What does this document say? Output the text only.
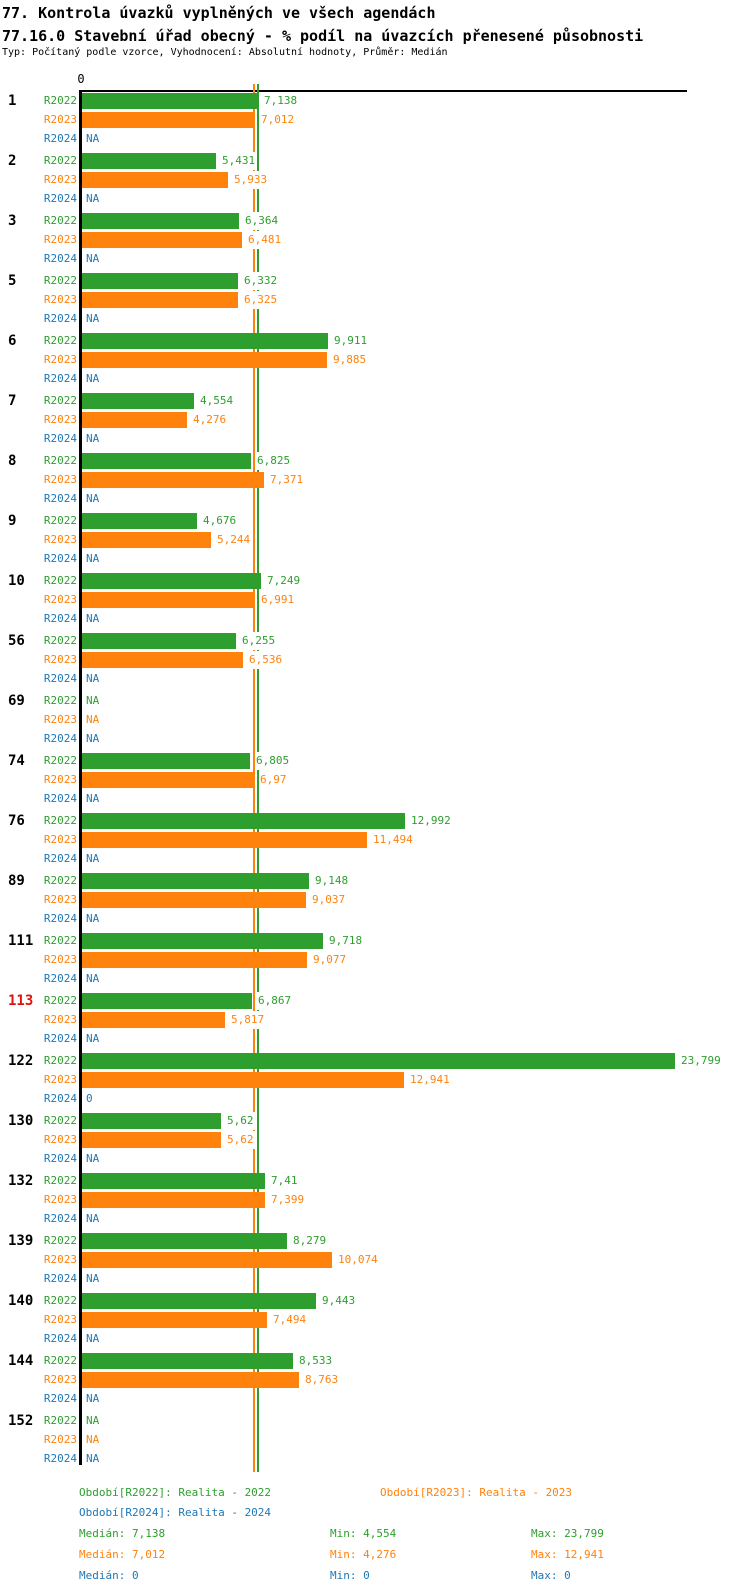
77. Kontrola úvazků vyplněných ve všech agendách
77.16.0 Stavební úřad obecný - % podíl na úvazcích přenesené působnosti
Typ: Počítaný podle vzorce, Vyhodnocení: Absolutní hodnoty, Průměr: Medián
0
1	R2022	7,138
R2023	7,012
R2024 NA
2	R2022	5,431
R2023	5,933
R2024 NA
3	R2022	6,364
R2023	6,481
R2024 NA
5	R2022	6,332
R2023	6,325
R2024 NA
6	R2022	9,911
R2023	9,885
R2024 NA
7	R2022	4,554
R2023	4,276
R2024 NA
8	R2022	6,825
R2023	7,371
R2024 NA
9	R2022	4,676
R2023	5,244
R2024 NA
10	R2022	7,249
R2023	6,991
R2024 NA
56	R2022	6,255
R2023	6,536
R2024 NA
69	R2022 NA
R2023 NA
R2024 NA
74	R2022	6,805
R2023	6,97
R2024 NA
76	R2022	12,992
R2023	11,494
R2024 NA
89	R2022	9,148
R2023	9,037
R2024 NA
111 R2022	9,718
R2023	9,077
R2024 NA
113 R2022	6,867
R2023	5,817
R2024 NA
122 R2022	23,799
R2023	12,941
R2024 0
130 R2022	5,62
R2023	5,62
R2024 NA
132 R2022	7,41
R2023	7,399
R2024 NA
139 R2022	8,279
R2023	10,074
R2024 NA
140 R2022	9,443
R2023	7,494
R2024 NA
144 R2022	8,533
R2023	8,763
R2024 NA
152 R2022 NA
R2023 NA
R2024 NA
Období[R2022]: Realita - 2022	Období[R2023]: Realita - 2023
Období[R2024]: Realita - 2024
Medián: 7,138	Min: 4,554	Max: 23,799
Medián: 7,012	Min: 4,276	Max: 12,941
Medián: 0	Min: 0	Max: 0
